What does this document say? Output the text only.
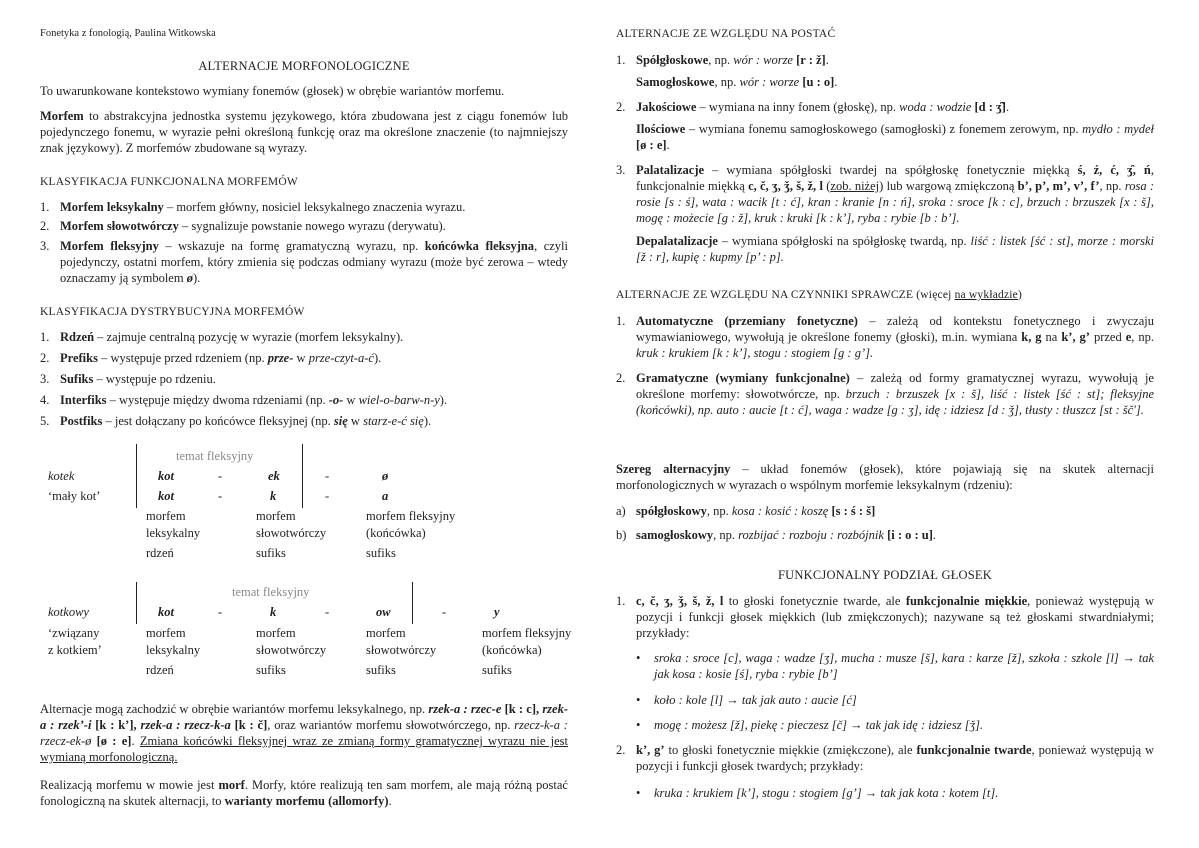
Fonetyka z fonologią, Paulina Witkowska
ALTERNACJE MORFONOLOGICZNE
To uwarunkowane kontekstowo wymiany fonemów (głosek) w obrębie wariantów morfemu.
Morfem to abstrakcyjna jednostka systemu językowego, która zbudowana jest z ciągu fonemów lub pojedynczego fonemu, w wyrazie pełni określoną funkcję oraz ma określone znaczenie (to najmniejszy znak językowy). Z morfemów zbudowane są wyrazy.
KLASYFIKACJA FUNKCJONALNA MORFEMÓW
1. Morfem leksykalny – morfem główny, nosiciel leksykalnego znaczenia wyrazu.
2. Morfem słowotwórczy – sygnalizuje powstanie nowego wyrazu (derywatu).
3. Morfem fleksyjny – wskazuje na formę gramatyczną wyrazu, np. końcówka fleksyjna, czyli pojedynczy, ostatni morfem, który zmienia się podczas odmiany wyrazu (może być zerowa – wtedy oznaczamy ją symbolem ø).
KLASYFIKACJA DYSTRYBUCYJNA MORFEMÓW
1. Rdzeń – zajmuje centralną pozycję w wyrazie (morfem leksykalny).
2. Prefiks – występuje przed rdzeniem (np. prze- w prze-czyt-a-ć).
3. Sufiks – występuje po rdzeniu.
4. Interfiks – występuje między dwoma rdzeniami (np. -o- w wiel-o-barw-n-y).
5. Postfiks – jest dołączany po końcówce fleksyjnej (np. się w starz-e-ć się).
temat fleksyjny
kotek	kot	-	ek	-	ø
‘mały kot’	kot	-	k	-	a
morfem	morfem	morfem fleksyjny
leksykalny	słowotwórczy	(końcówka)
rdzeń	sufiks	sufiks
temat fleksyjny
kotkowy	kot	-	k	-	ow	-	y
‘związany
z kotkiem’
morfem	morfem	morfem	morfem fleksyjny
leksykalny	słowotwórczy	słowotwórczy	(końcówka)
rdzeń	sufiks	sufiks	sufiks
Alternacje mogą zachodzić w obrębie wariantów morfemu leksykalnego, np. rzek-a : rzec-e [k : c], rzek-a : rzek’-i [k : k’], rzek-a : rzecz-k-a [k : č], oraz wariantów morfemu słowotwórczego, np. rzecz-k-a : rzecz-ek-ø [ø : e]. Zmiana końcówki fleksyjnej wraz ze zmianą formy gramatycznej wyrazu nie jest wymianą morfonologiczną.
Realizacją morfemu w mowie jest morf. Morfy, które realizują ten sam morfem, ale mają różną postać fonologiczną na skutek alternacji, to warianty morfemu (allomorfy).
ALTERNACJE ZE WZGLĘDU NA POSTAĆ
1. Spółgłoskowe, np. wór : worze [r : ž].
Samogłoskowe, np. wór : worze [u : o].
2. Jakościowe – wymiana na inny fonem (głoskę), np. woda : wodzie [d : ʒ̑].
Ilościowe – wymiana fonemu samogłoskowego (samogłoski) z fonemem zerowym, np. mydło : mydeł [ø : e].
3. Palatalizacje – wymiana spółgłoski twardej na spółgłoskę fonetycznie miękką ś, ź, ć, ʒ̑, ń, funkcjonalnie miękką c, č, ʒ, ǯ, š, ž, l (zob. niżej) lub wargową zmiękczoną b’, p’, m’, v’, f’, np. rosa : rosie [s : ś], wata : wacik [t : ć], kran : kranie [n : ń], sroka : sroce [k : c], brzuch : brzuszek [x : š], mogę : możecie [g : ž], kruk : kruki [k : k’], ryba : rybie [b : b’].
Depalatalizacje – wymiana spółgłoski na spółgłoskę twardą, np. liść : listek [ść : st], morze : morski [ž : r], kupię : kupmy [p’ : p].
ALTERNACJE ZE WZGLĘDU NA CZYNNIKI SPRAWCZE (więcej na wykładzie)
1. Automatyczne (przemiany fonetyczne) – zależą od kontekstu fonetycznego i zwyczaju wymawianiowego, wywołują je określone fonemy (głoski), m.in. wymiana k, g na k’, g’ przed e, np. kruk : krukiem [k : k’], stogu : stogiem [g : g’].
2. Gramatyczne (wymiany funkcjonalne) – zależą od formy gramatycznej wyrazu, wywołują je określone morfemy: słowotwórcze, np. brzuch : brzuszek [x : š], liść : listek [ść : st]; fleksyjne (końcówki), np. auto : aucie [t : ć], waga : wadze [g : ʒ], idę : idziesz [d : ǯ], tłusty : tłuszcz [st : ščʹ].
Szereg alternacyjny – układ fonemów (głosek), które pojawiają się na skutek alternacji morfonologicznych w wyrazach o wspólnym morfemie leksykalnym (rdzeniu):
a) spółgłoskowy, np. kosa : kosić : koszę [s : ś : š]
b) samogłoskowy, np. rozbijać : rozboju : rozbójnik [i : o : u].
FUNKCJONALNY PODZIAŁ GŁOSEK
1. c, č, ʒ, ǯ, š, ž, l to głoski fonetycznie twarde, ale funkcjonalnie miękkie, ponieważ występują w pozycji i funkcji głosek miękkich (lub zmiękczonych); nazywane są też głoskami stwardniałymi; przykłady:
• sroka : sroce [c], waga : wadze [ʒ], mucha : musze [š], kara : karze [ž], szkoła : szkole [l] → tak jak kosa : kosie [ś], ryba : rybie [b’]
• koło : kole [l] → tak jak auto : aucie [ć]
• mogę : możesz [ž], piekę : pieczesz [č] → tak jak idę : idziesz [ǯ].
2. k’, g’ to głoski fonetycznie miękkie (zmiękczone), ale funkcjonalnie twarde, ponieważ występują w pozycji i funkcji głosek twardych; przykłady:
• kruka : krukiem [k’], stogu : stogiem [g’] → tak jak kota : kotem [t].
